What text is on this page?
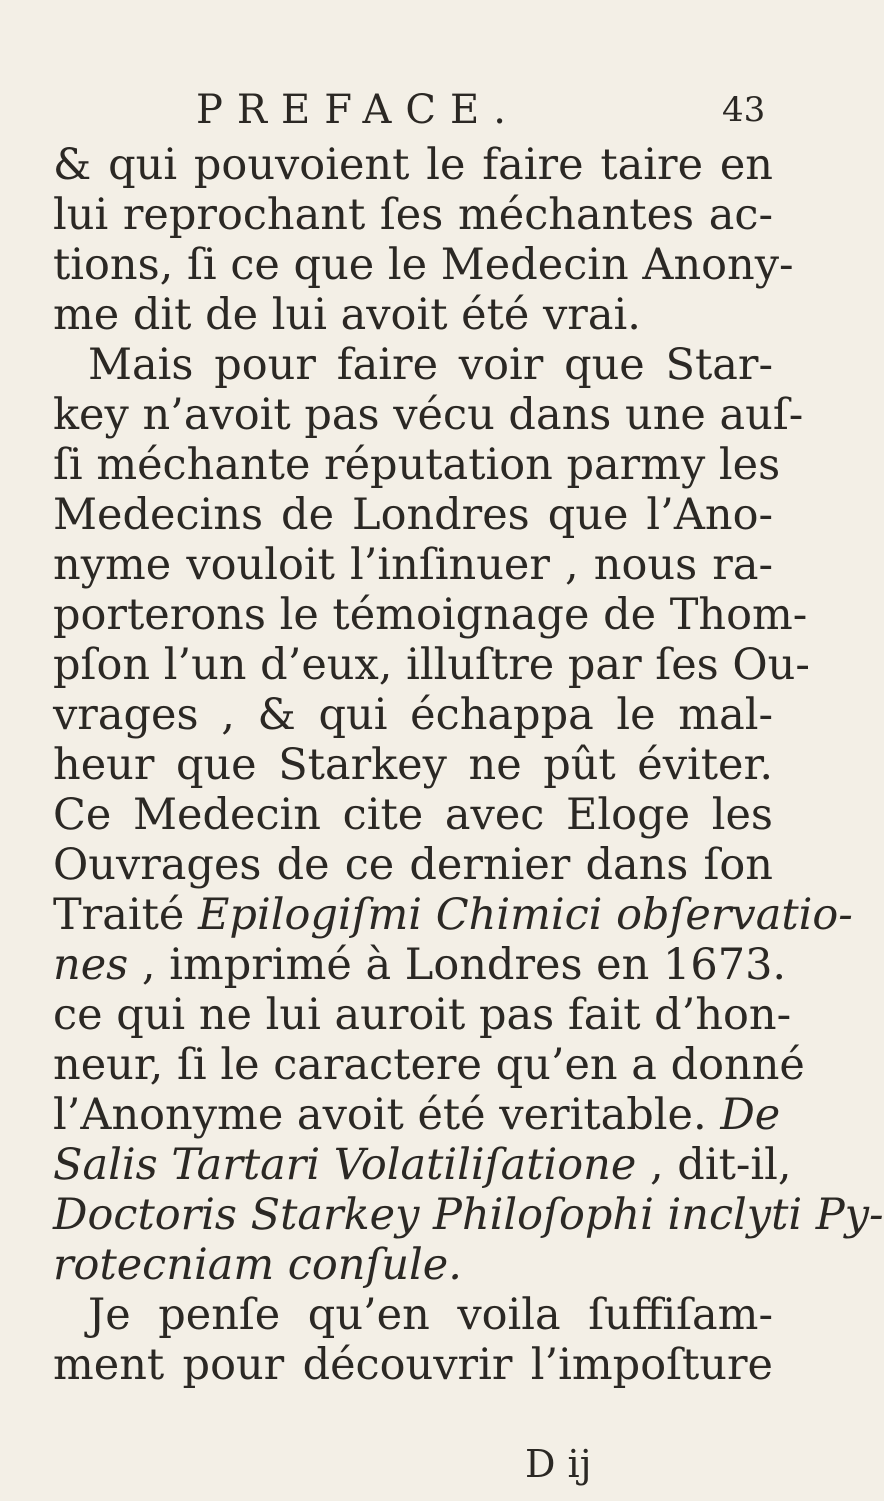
PREFACE.	43
& qui pouvoient le faire taire en
lui reprochant ſes méchantes ac-
tions, ſi ce que le Medecin Anony-
me dit de lui avoit été vrai.
Mais pour faire voir que Star-
key n’avoit pas vécu dans une auſ-
ſi méchante réputation parmy les
Medecins de Londres que l’Ano-
nyme vouloit l’inſinuer , nous ra-
porterons le témoignage de Thom-
pſon l’un d’eux, illuſtre par ſes Ou-
vrages , & qui échappa le mal-
heur que Starkey ne pût éviter.
Ce Medecin cite avec Eloge les
Ouvrages de ce dernier dans ſon
Traité Epilogiſmi Chimici obſervatio-
nes , imprimé à Londres en 1673.
ce qui ne lui auroit pas fait d’hon-
neur, ſi le caractere qu’en a donné
l’Anonyme avoit été veritable. De
Salis Tartari Volatiliſatione , dit-il,
Doctoris Starkey Philoſophi inclyti Py-
rotecniam conſule.
Je penſe qu’en voila ſuffiſam-
ment pour découvrir l’impoſture
D ij
